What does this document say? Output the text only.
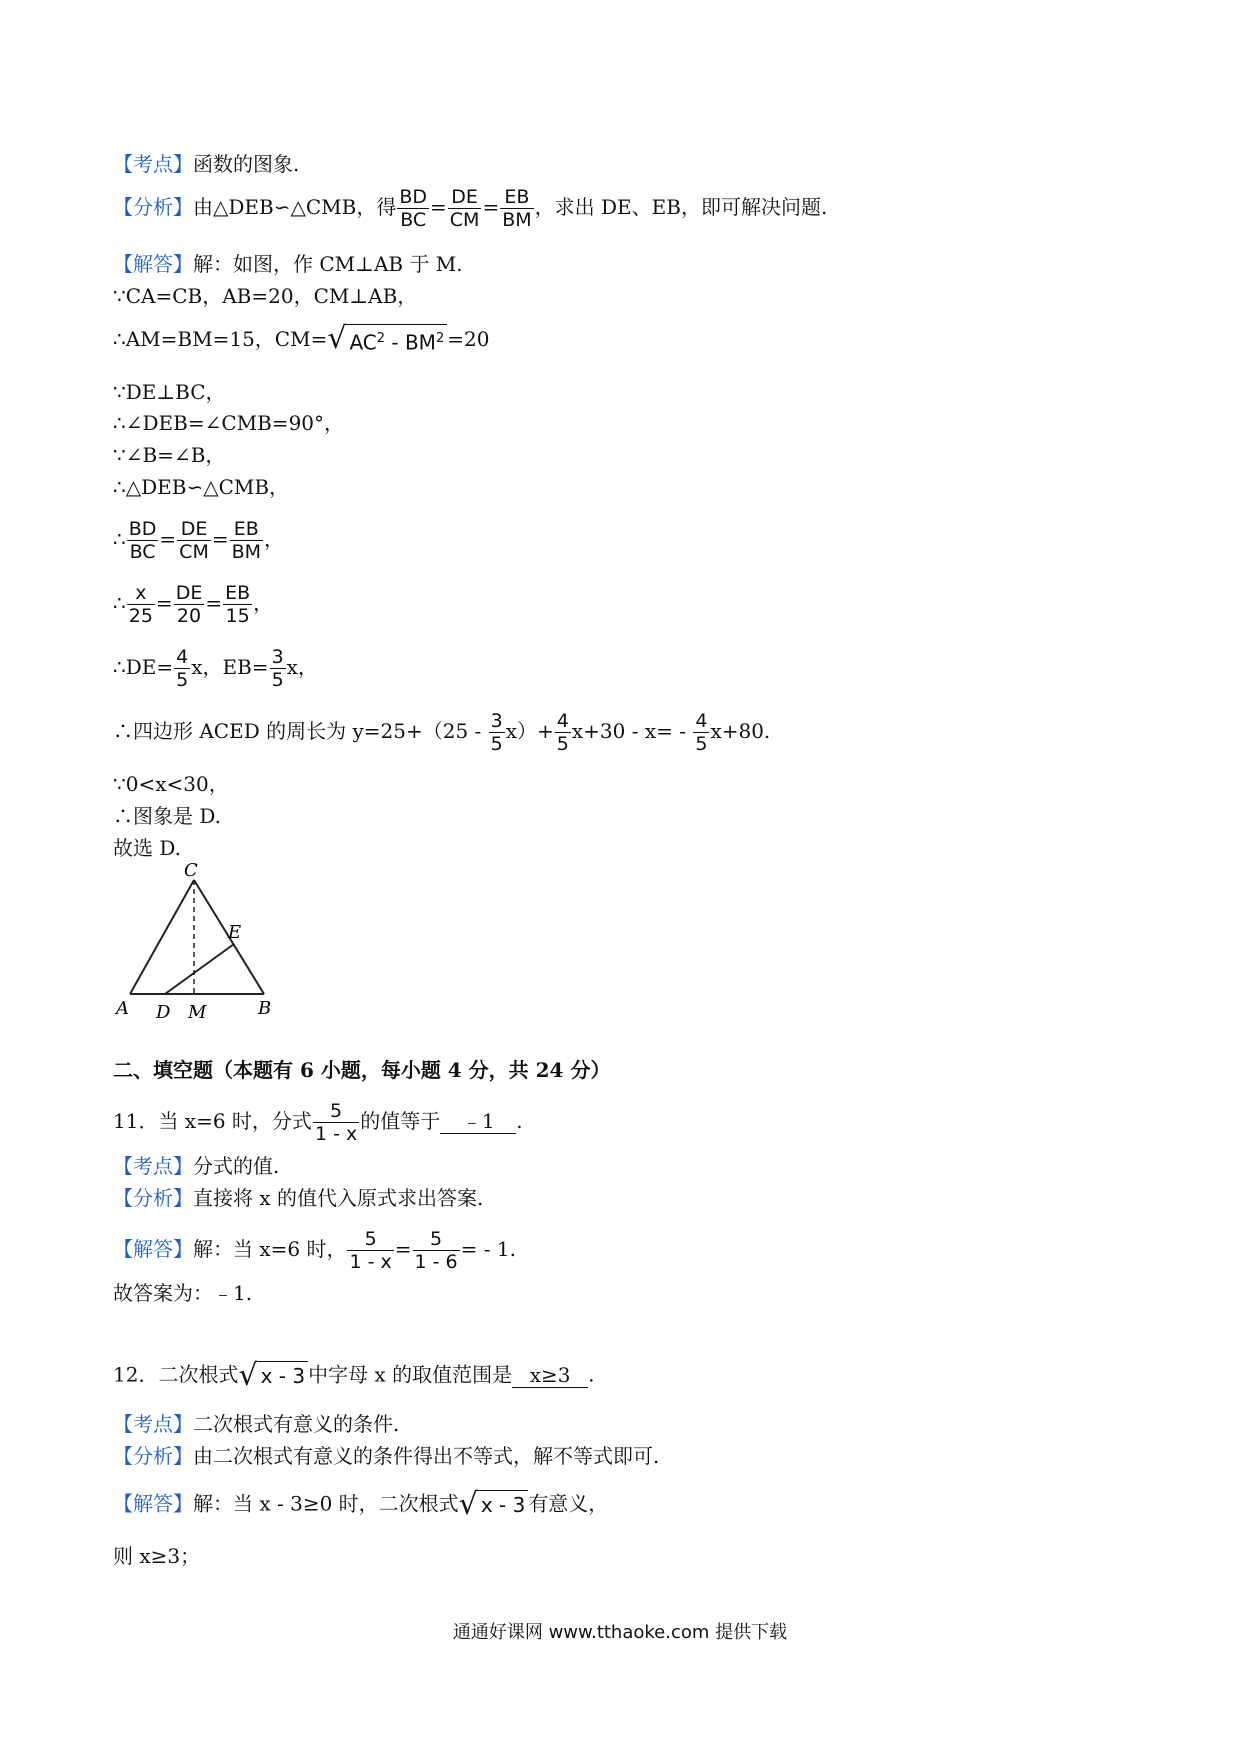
【考点】函数的图象.
【分析】由△DEB∽△CMB，得 $\frac{BD}{BC} = \frac{DE}{CM} = \frac{EB}{BM}$ ，求出 DE、EB，即可解决问题.
【解答】解：如图，作 CM⊥AB 于 M.
∵CA=CB，AB=20，CM⊥AB，
∴AM=BM=15，CM= √ $AC^2 - BM^2 =20$
∵DE⊥BC，
∴∠DEB=∠CMB=90°，
∵∠B=∠B，
∴△DEB∽△CMB，
∴ $\frac{BD}{BC} = \frac{DE}{CM} = \frac{EB}{BM}$ ，
∴ $\frac{x}{25} = \frac{DE}{20} = \frac{EB}{15}$ ，
∴DE= $\frac{4}{5}$ x，$EB= \frac{3}{5}$ x，
∴四边形 ACED 的周长为 $y=25+(25 - \frac{3}{5} x)+ \frac{4}{5} x+30 - x= - \frac{4}{5} x+80$.
∵0<x<30，
∴图象是 D.
故选 D.
C
E
A D M	B
二、填空题（本题有 6 小题，每小题 4 分，共 24 分）
11．当 x=6 时，分式 $\frac{5}{1 - x}$ 的值等于 ﹣1 .
【考点】分式的值.
【分析】直接将 x 的值代入原式求出答案.
【解答】解：当 x=6 时， $\frac{5}{1 - x} = \frac{5}{1 - 6}$ = - 1.
故答案为：﹣1.
12．二次根式 √ x - 3 中字母 x 的取值范围是 x≥3 .
【考点】二次根式有意义的条件.
【分析】由二次根式有意义的条件得出不等式，解不等式即可.
【解答】解：当 x - 3≥0 时，二次根式 √ x - 3 有意义，
则 x≥3；
通通好课网 www.tthaoke.com 提供下载
